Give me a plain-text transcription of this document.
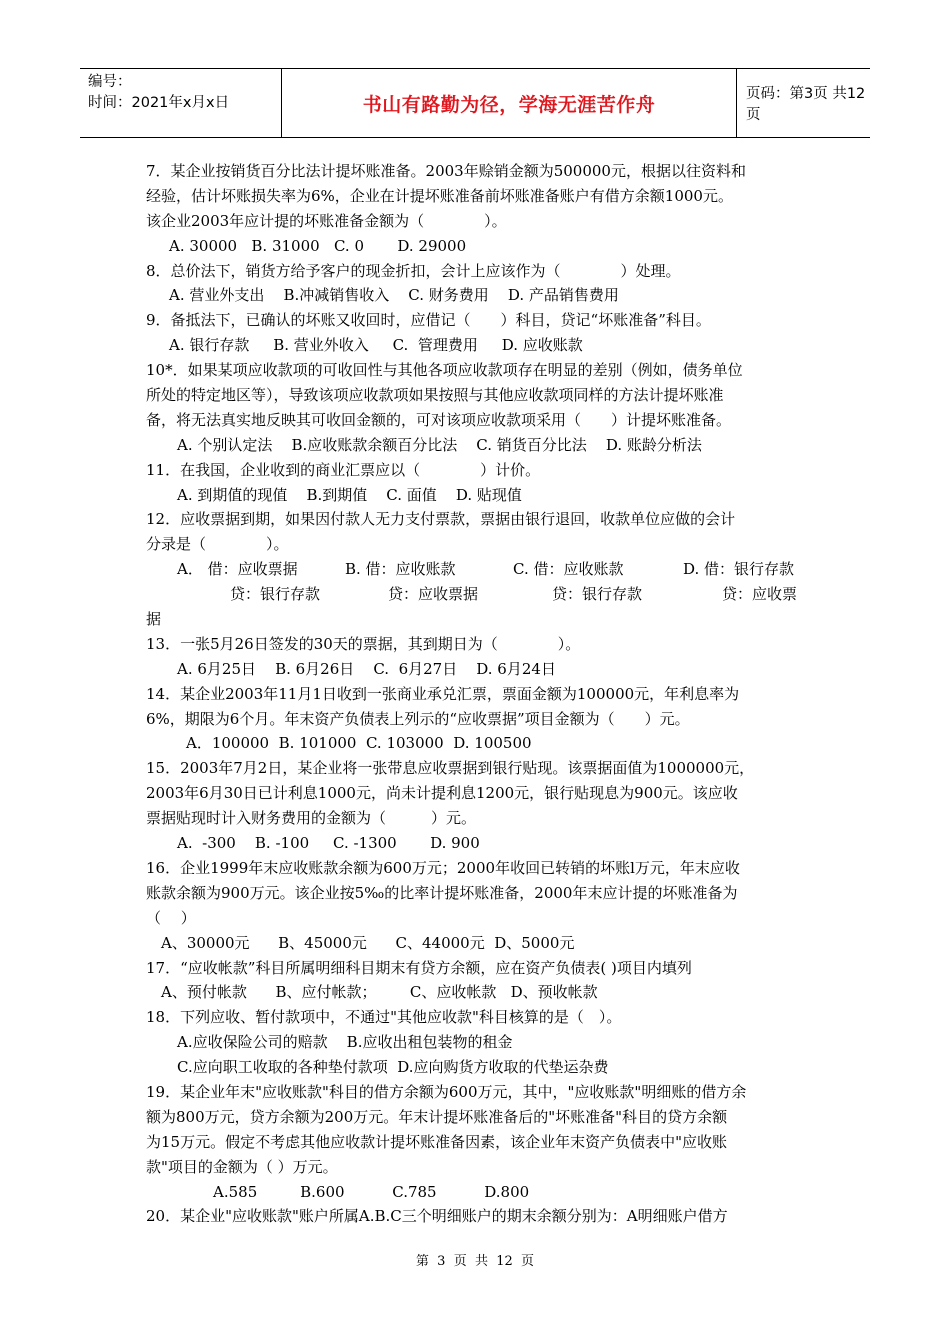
编号：
时间：2021年x月x日	书山有路勤为径，学海无涯苦作舟	页码：第3页 共12页
7．某企业按销货百分比法计提坏账准备。2003年赊销金额为500000元，根据以往资料和
经验，估计坏账损失率为6%，企业在计提坏账准备前坏账准备账户有借方余额1000元。
该企业2003年应计提的坏账准备金额为（　　　　）。
A. 30000   B. 31000   C. 0       D. 29000
8．总价法下，销货方给予客户的现金折扣，会计上应该作为（　　　　）处理。
A. 营业外支出    B.冲减销售收入    C. 财务费用    D. 产品销售费用
9．备抵法下，已确认的坏账又收回时，应借记（　　）科目，贷记“坏账准备”科目。
A. 银行存款     B. 营业外收入     C.  管理费用     D. 应收账款
10*．如果某项应收款项的可收回性与其他各项应收款项存在明显的差别（例如，债务单位
所处的特定地区等），导致该项应收款项如果按照与其他应收款项同样的方法计提坏账准
备，将无法真实地反映其可收回金额的，可对该项应收款项采用（　　）计提坏账准备。
A. 个别认定法    B.应收账款余额百分比法    C. 销货百分比法    D. 账龄分析法
11．在我国，企业收到的商业汇票应以（　　　　）计价。
A. 到期值的现值    B.到期值    C. 面值    D. 贴现值
12．应收票据到期，如果因付款人无力支付票款，票据由银行退回，收款单位应做的会计
分录是（　　　　）。
A． 借：应收票据	B. 借：应收账款	C. 借：应收账款	D. 借：银行存款
贷：银行存款	贷：应收票据	贷：银行存款	贷：应收票
据
13．一张5月26日签发的30天的票据，其到期日为（　　　　）。
A. 6月25日    B. 6月26日    C.  6月27日    D. 6月24日
14．某企业2003年11月1日收到一张商业承兑汇票，票面金额为100000元，年利息率为
6%，期限为6个月。年末资产负债表上列示的“应收票据”项目金额为（　　）元。
A．100000  B. 101000  C. 103000  D. 100500
15．2003年7月2日，某企业将一张带息应收票据到银行贴现。该票据面值为1000000元，
2003年6月30日已计利息1000元，尚未计提利息1200元，银行贴现息为900元。该应收
票据贴现时计入财务费用的金额为（　　　）元。
A.  -300    B. -100     C. -1300       D. 900
16．企业1999年末应收账款余额为600万元；2000年收回已转销的坏账l万元，年末应收
账款余额为900万元。该企业按5‰的比率计提坏账准备，2000年末应计提的坏账准备为
（　 ）
A、30000元      B、45000元      C、44000元  D、5000元
17．“应收帐款”科目所属明细科目期末有贷方余额，应在资产负债表( )项目内填列
A、预付帐款      B、应付帐款；       C、应收帐款   D、预收帐款
18．下列应收、暂付款项中，不通过"其他应收款"科目核算的是（　）。
A.应收保险公司的赔款    B.应收出租包装物的租金
C.应向职工收取的各种垫付款项  D.应向购货方收取的代垫运杂费
19．某企业年末"应收账款"科目的借方余额为600万元，其中，"应收账款"明细账的借方余
额为800万元，贷方余额为200万元。年末计提坏账准备后的"坏账准备"科目的贷方余额
为15万元。假定不考虑其他应收款计提坏账准备因素，该企业年末资产负债表中"应收账
款"项目的金额为（ ）万元。
A.585         B.600          C.785          D.800
20．某企业"应收账款"账户所属A.B.C三个明细账户的期末余额分别为：A明细账户借方
第  3  页  共  12  页
